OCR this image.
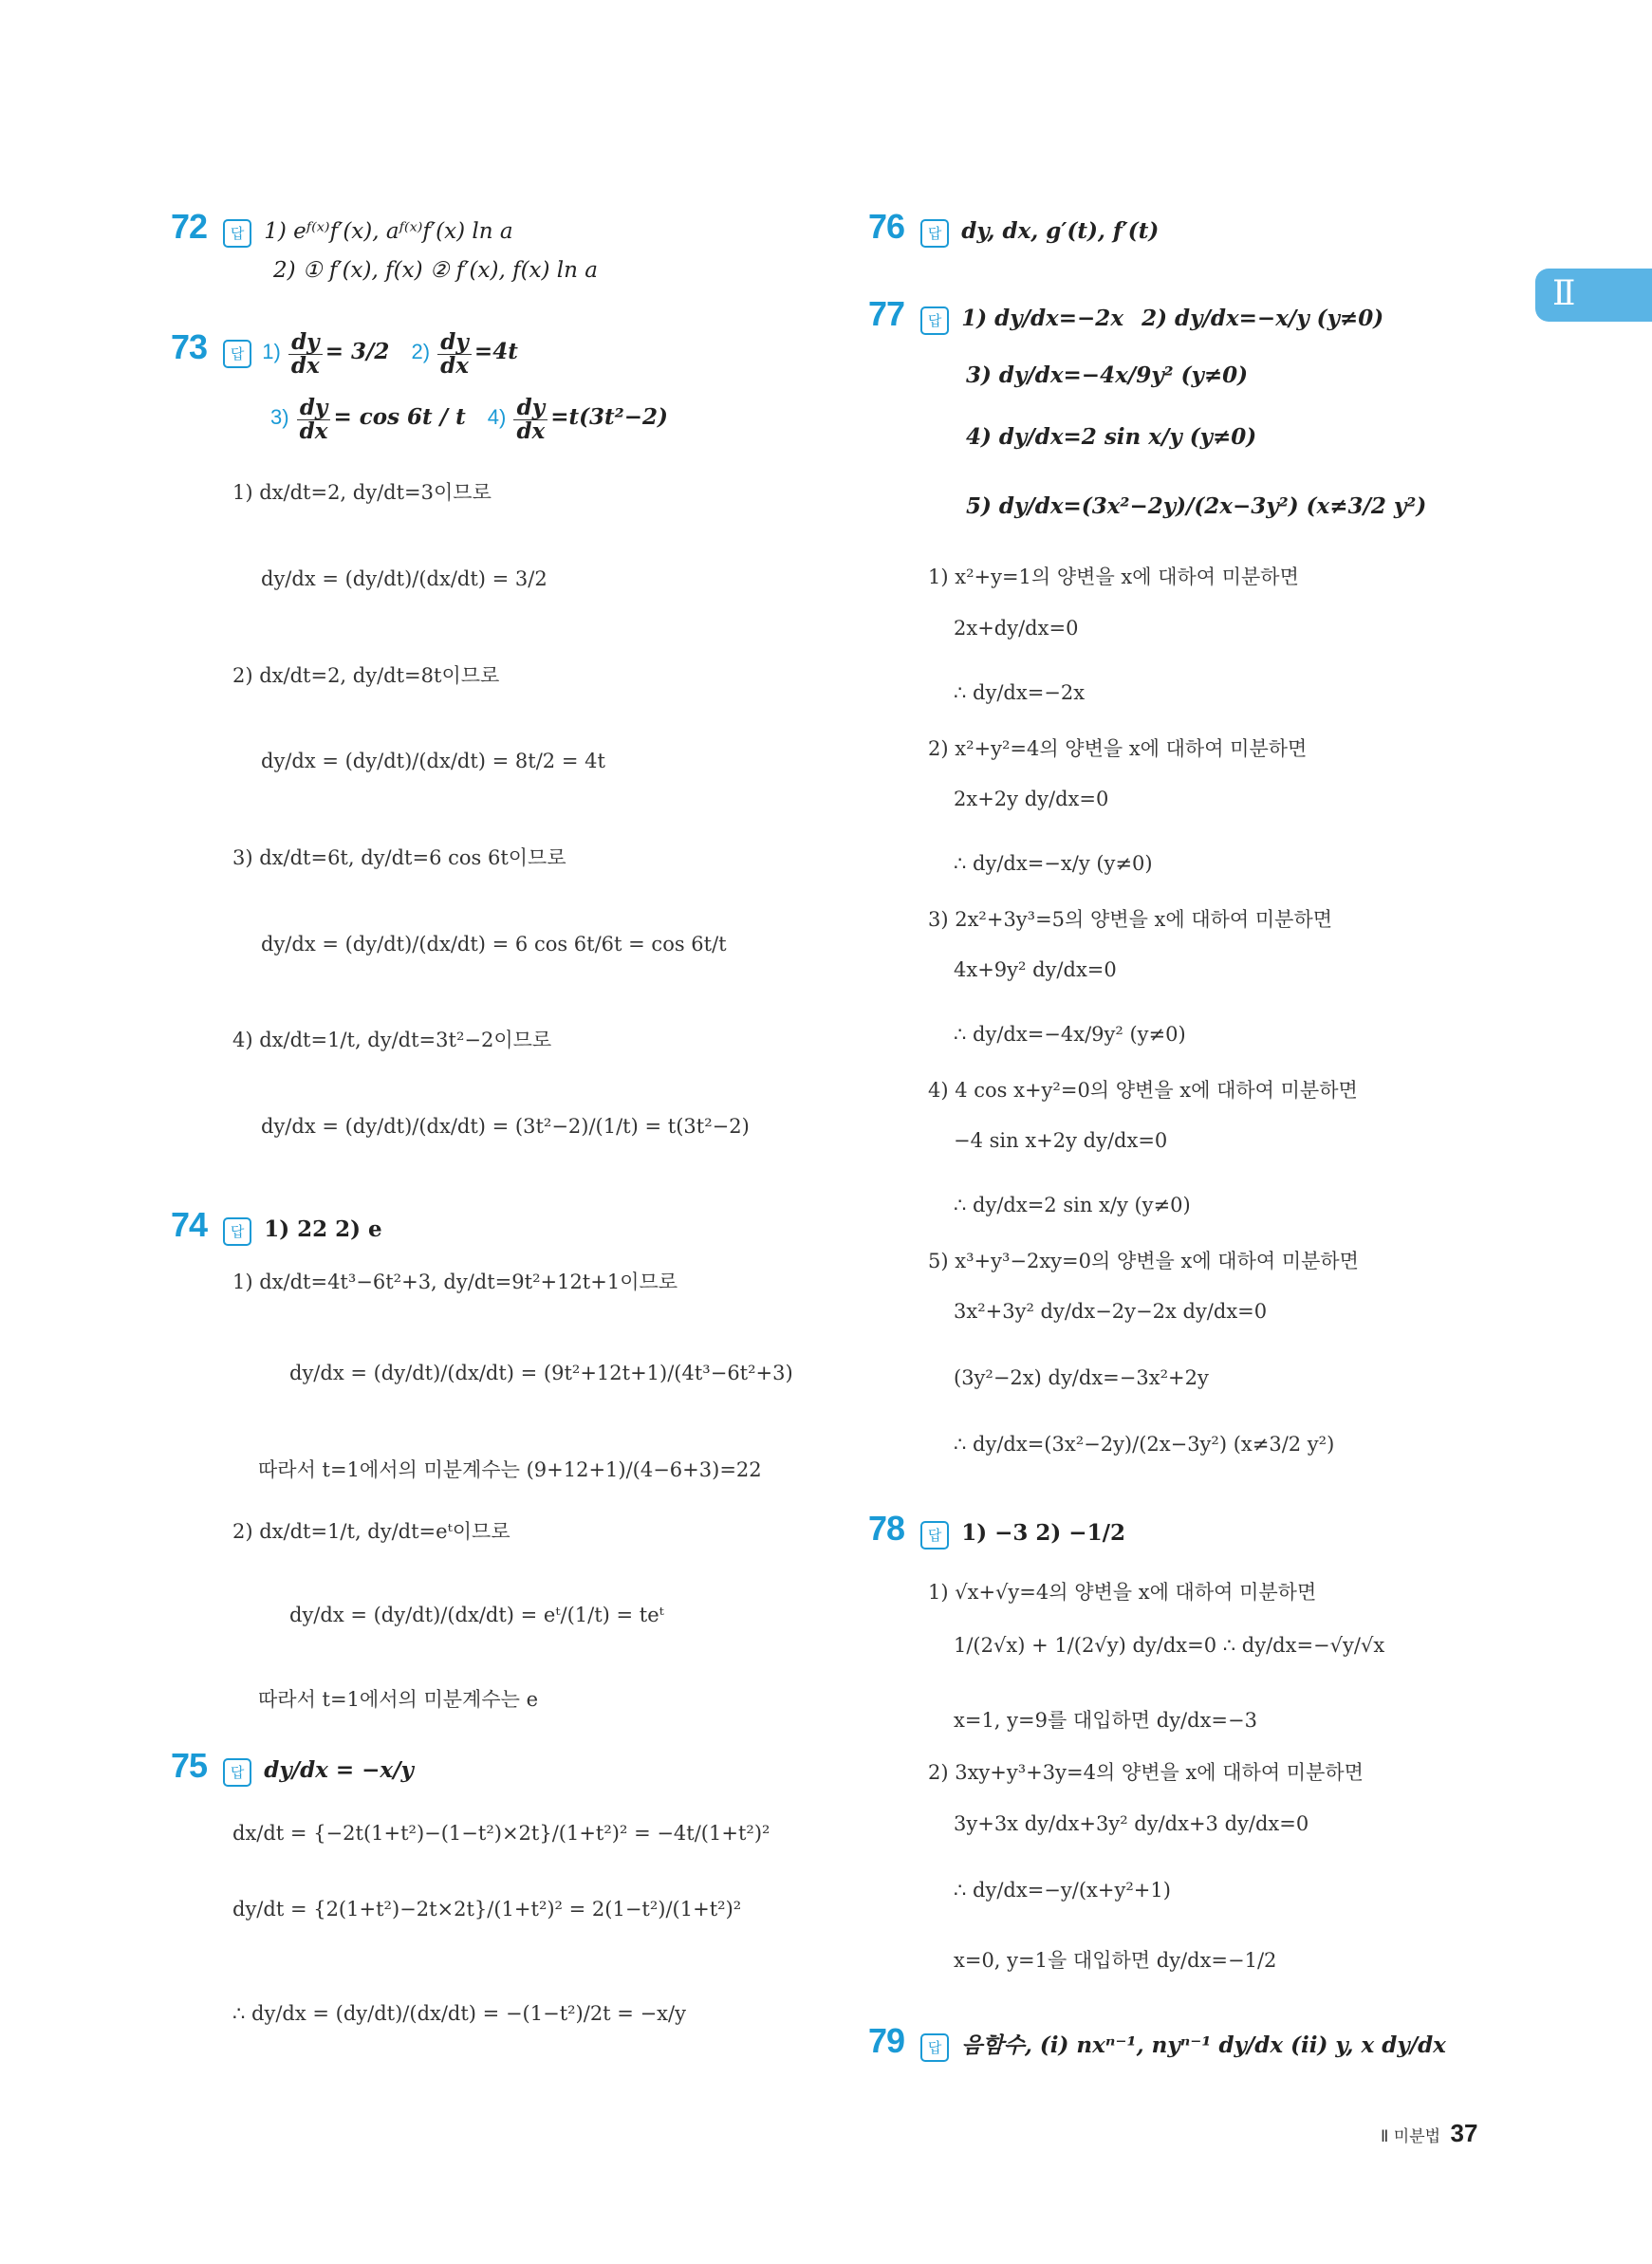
Ⅱ
72 답 1) eᶠ⁽ˣ⁾f′(x), aᶠ⁽ˣ⁾f′(x) ln a
2) ① f′(x), f(x) ② f′(x), f(x) ln a
73 답 $1) \frac{dy}{dx} = 3/2$ $2) \frac{dy}{dx} =4t$
$3) \frac{dy}{dx} = \cos 6t / t$ $4) \frac{dy}{dx} =t(3t^2-2)$
1) dx/dt=2, dy/dt=3이므로
dy/dx = (dy/dt)/(dx/dt) = 3/2
2) dx/dt=2, dy/dt=8t이므로
dy/dx = (dy/dt)/(dx/dt) = 8t/2 = 4t
3) dx/dt=6t, dy/dt=6 cos 6t이므로
dy/dx = (dy/dt)/(dx/dt) = 6 cos 6t/6t = cos 6t/t
4) dx/dt=1/t, dy/dt=3t²−2이므로
dy/dx = (dy/dt)/(dx/dt) = (3t²−2)/(1/t) = t(3t²−2)
74 답 1) 22 2) e
1) dx/dt=4t³−6t²+3, dy/dt=9t²+12t+1이므로
dy/dx = (dy/dt)/(dx/dt) = (9t²+12t+1)/(4t³−6t²+3)
따라서 t=1에서의 미분계수는 (9+12+1)/(4−6+3)=22
2) dx/dt=1/t, dy/dt=eᵗ이므로
dy/dx = (dy/dt)/(dx/dt) = eᵗ/(1/t) = teᵗ
따라서 t=1에서의 미분계수는 e
75 답 dy/dx = −x/y
dx/dt = {−2t(1+t²)−(1−t²)×2t}/(1+t²)² = −4t/(1+t²)²
dy/dt = {2(1+t²)−2t×2t}/(1+t²)² = 2(1−t²)/(1+t²)²
∴ dy/dx = (dy/dt)/(dx/dt) = −(1−t²)/2t = −x/y
76 답 dy, dx, g′(t), f′(t)
77 답 1) dy/dx=−2x 2) dy/dx=−x/y (y≠0)
3) dy/dx=−4x/9y² (y≠0)
4) dy/dx=2 sin x/y (y≠0)
5) dy/dx=(3x²−2y)/(2x−3y²) (x≠3/2 y²)
1) x²+y=1의 양변을 x에 대하여 미분하면
2x+dy/dx=0
∴ dy/dx=−2x
2) x²+y²=4의 양변을 x에 대하여 미분하면
2x+2y dy/dx=0
∴ dy/dx=−x/y (y≠0)
3) 2x²+3y³=5의 양변을 x에 대하여 미분하면
4x+9y² dy/dx=0
∴ dy/dx=−4x/9y² (y≠0)
4) 4 cos x+y²=0의 양변을 x에 대하여 미분하면
−4 sin x+2y dy/dx=0
∴ dy/dx=2 sin x/y (y≠0)
5) x³+y³−2xy=0의 양변을 x에 대하여 미분하면
3x²+3y² dy/dx−2y−2x dy/dx=0
(3y²−2x) dy/dx=−3x²+2y
∴ dy/dx=(3x²−2y)/(2x−3y²) (x≠3/2 y²)
78 답 1) −3 2) −1/2
1) √x+√y=4의 양변을 x에 대하여 미분하면
1/(2√x) + 1/(2√y) dy/dx=0 ∴ dy/dx=−√y/√x
x=1, y=9를 대입하면 dy/dx=−3
2) 3xy+y³+3y=4의 양변을 x에 대하여 미분하면
3y+3x dy/dx+3y² dy/dx+3 dy/dx=0
∴ dy/dx=−y/(x+y²+1)
x=0, y=1을 대입하면 dy/dx=−1/2
79 답 음함수, (i) nxⁿ⁻¹, nyⁿ⁻¹ dy/dx (ii) y, x dy/dx
Ⅱ 미분법 37
